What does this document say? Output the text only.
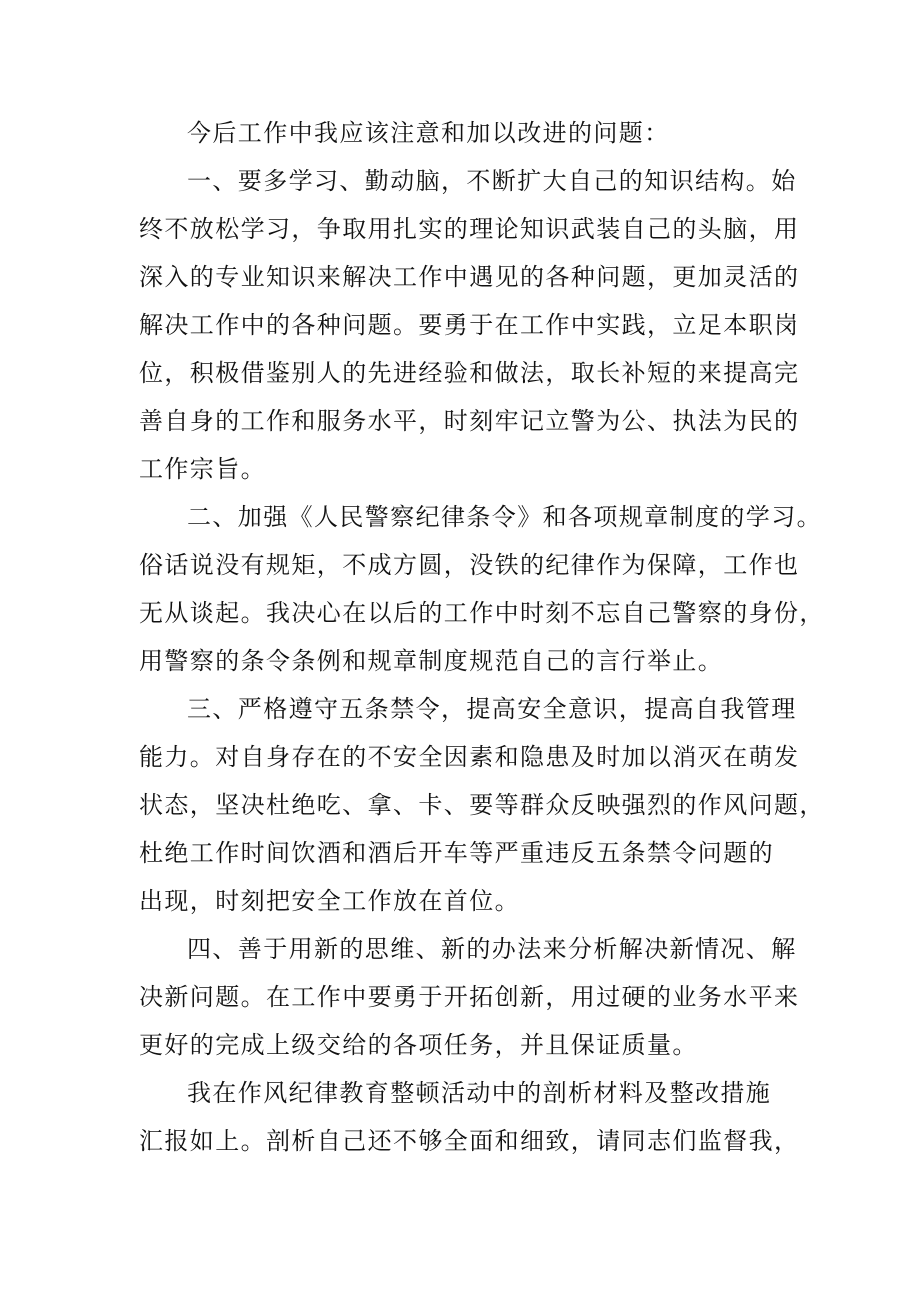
今后工作中我应该注意和加以改进的问题：

一、要多学习、勤动脑，不断扩大自己的知识结构。始
终不放松学习，争取用扎实的理论知识武装自己的头脑，用
深入的专业知识来解决工作中遇见的各种问题，更加灵活的
解决工作中的各种问题。要勇于在工作中实践，立足本职岗
位，积极借鉴别人的先进经验和做法，取长补短的来提高完
善自身的工作和服务水平，时刻牢记立警为公、执法为民的
工作宗旨。

二、加强《人民警察纪律条令》和各项规章制度的学习。
俗话说没有规矩，不成方圆，没铁的纪律作为保障，工作也
无从谈起。我决心在以后的工作中时刻不忘自己警察的身份，
用警察的条令条例和规章制度规范自己的言行举止。

三、严格遵守五条禁令，提高安全意识，提高自我管理
能力。对自身存在的不安全因素和隐患及时加以消灭在萌发
状态，坚决杜绝吃、拿、卡、要等群众反映强烈的作风问题，
杜绝工作时间饮酒和酒后开车等严重违反五条禁令问题的
出现，时刻把安全工作放在首位。

四、善于用新的思维、新的办法来分析解决新情况、解
决新问题。在工作中要勇于开拓创新，用过硬的业务水平来
更好的完成上级交给的各项任务，并且保证质量。

我在作风纪律教育整顿活动中的剖析材料及整改措施
汇报如上。剖析自己还不够全面和细致，请同志们监督我，
